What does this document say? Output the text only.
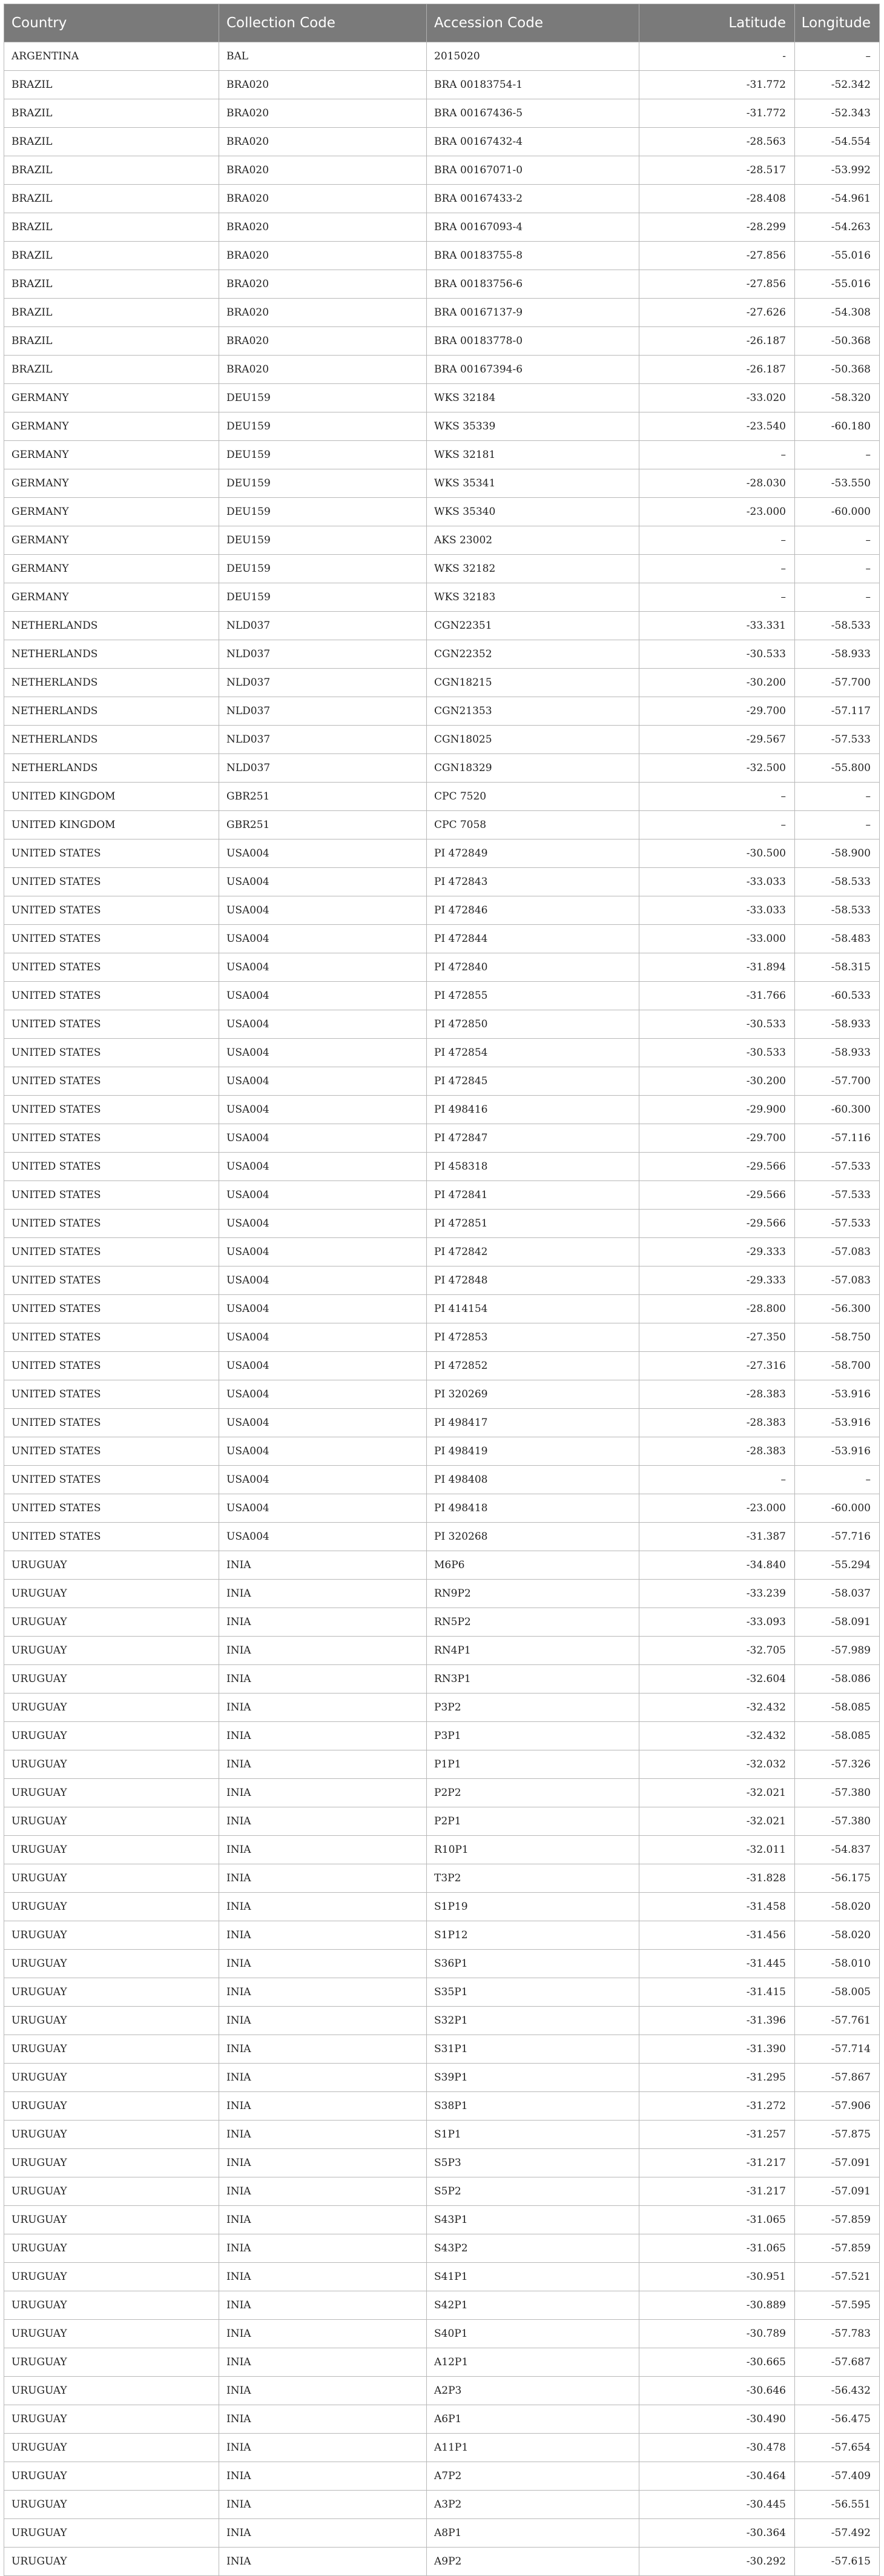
Country	Collection Code	Accession Code	Latitude	Longitude
ARGENTINA	BAL	2015020	-	–
BRAZIL	BRA020	BRA 00183754-1	-31.772	-52.342
BRAZIL	BRA020	BRA 00167436-5	-31.772	-52.343
BRAZIL	BRA020	BRA 00167432-4	-28.563	-54.554
BRAZIL	BRA020	BRA 00167071-0	-28.517	-53.992
BRAZIL	BRA020	BRA 00167433-2	-28.408	-54.961
BRAZIL	BRA020	BRA 00167093-4	-28.299	-54.263
BRAZIL	BRA020	BRA 00183755-8	-27.856	-55.016
BRAZIL	BRA020	BRA 00183756-6	-27.856	-55.016
BRAZIL	BRA020	BRA 00167137-9	-27.626	-54.308
BRAZIL	BRA020	BRA 00183778-0	-26.187	-50.368
BRAZIL	BRA020	BRA 00167394-6	-26.187	-50.368
GERMANY	DEU159	WKS 32184	-33.020	-58.320
GERMANY	DEU159	WKS 35339	-23.540	-60.180
GERMANY	DEU159	WKS 32181	–	–
GERMANY	DEU159	WKS 35341	-28.030	-53.550
GERMANY	DEU159	WKS 35340	-23.000	-60.000
GERMANY	DEU159	AKS 23002	–	–
GERMANY	DEU159	WKS 32182	–	–
GERMANY	DEU159	WKS 32183	–	–
NETHERLANDS	NLD037	CGN22351	-33.331	-58.533
NETHERLANDS	NLD037	CGN22352	-30.533	-58.933
NETHERLANDS	NLD037	CGN18215	-30.200	-57.700
NETHERLANDS	NLD037	CGN21353	-29.700	-57.117
NETHERLANDS	NLD037	CGN18025	-29.567	-57.533
NETHERLANDS	NLD037	CGN18329	-32.500	-55.800
UNITED KINGDOM	GBR251	CPC 7520	–	–
UNITED KINGDOM	GBR251	CPC 7058	–	–
UNITED STATES	USA004	PI 472849	-30.500	-58.900
UNITED STATES	USA004	PI 472843	-33.033	-58.533
UNITED STATES	USA004	PI 472846	-33.033	-58.533
UNITED STATES	USA004	PI 472844	-33.000	-58.483
UNITED STATES	USA004	PI 472840	-31.894	-58.315
UNITED STATES	USA004	PI 472855	-31.766	-60.533
UNITED STATES	USA004	PI 472850	-30.533	-58.933
UNITED STATES	USA004	PI 472854	-30.533	-58.933
UNITED STATES	USA004	PI 472845	-30.200	-57.700
UNITED STATES	USA004	PI 498416	-29.900	-60.300
UNITED STATES	USA004	PI 472847	-29.700	-57.116
UNITED STATES	USA004	PI 458318	-29.566	-57.533
UNITED STATES	USA004	PI 472841	-29.566	-57.533
UNITED STATES	USA004	PI 472851	-29.566	-57.533
UNITED STATES	USA004	PI 472842	-29.333	-57.083
UNITED STATES	USA004	PI 472848	-29.333	-57.083
UNITED STATES	USA004	PI 414154	-28.800	-56.300
UNITED STATES	USA004	PI 472853	-27.350	-58.750
UNITED STATES	USA004	PI 472852	-27.316	-58.700
UNITED STATES	USA004	PI 320269	-28.383	-53.916
UNITED STATES	USA004	PI 498417	-28.383	-53.916
UNITED STATES	USA004	PI 498419	-28.383	-53.916
UNITED STATES	USA004	PI 498408	–	–
UNITED STATES	USA004	PI 498418	-23.000	-60.000
UNITED STATES	USA004	PI 320268	-31.387	-57.716
URUGUAY	INIA	M6P6	-34.840	-55.294
URUGUAY	INIA	RN9P2	-33.239	-58.037
URUGUAY	INIA	RN5P2	-33.093	-58.091
URUGUAY	INIA	RN4P1	-32.705	-57.989
URUGUAY	INIA	RN3P1	-32.604	-58.086
URUGUAY	INIA	P3P2	-32.432	-58.085
URUGUAY	INIA	P3P1	-32.432	-58.085
URUGUAY	INIA	P1P1	-32.032	-57.326
URUGUAY	INIA	P2P2	-32.021	-57.380
URUGUAY	INIA	P2P1	-32.021	-57.380
URUGUAY	INIA	R10P1	-32.011	-54.837
URUGUAY	INIA	T3P2	-31.828	-56.175
URUGUAY	INIA	S1P19	-31.458	-58.020
URUGUAY	INIA	S1P12	-31.456	-58.020
URUGUAY	INIA	S36P1	-31.445	-58.010
URUGUAY	INIA	S35P1	-31.415	-58.005
URUGUAY	INIA	S32P1	-31.396	-57.761
URUGUAY	INIA	S31P1	-31.390	-57.714
URUGUAY	INIA	S39P1	-31.295	-57.867
URUGUAY	INIA	S38P1	-31.272	-57.906
URUGUAY	INIA	S1P1	-31.257	-57.875
URUGUAY	INIA	S5P3	-31.217	-57.091
URUGUAY	INIA	S5P2	-31.217	-57.091
URUGUAY	INIA	S43P1	-31.065	-57.859
URUGUAY	INIA	S43P2	-31.065	-57.859
URUGUAY	INIA	S41P1	-30.951	-57.521
URUGUAY	INIA	S42P1	-30.889	-57.595
URUGUAY	INIA	S40P1	-30.789	-57.783
URUGUAY	INIA	A12P1	-30.665	-57.687
URUGUAY	INIA	A2P3	-30.646	-56.432
URUGUAY	INIA	A6P1	-30.490	-56.475
URUGUAY	INIA	A11P1	-30.478	-57.654
URUGUAY	INIA	A7P2	-30.464	-57.409
URUGUAY	INIA	A3P2	-30.445	-56.551
URUGUAY	INIA	A8P1	-30.364	-57.492
URUGUAY	INIA	A9P2	-30.292	-57.615
